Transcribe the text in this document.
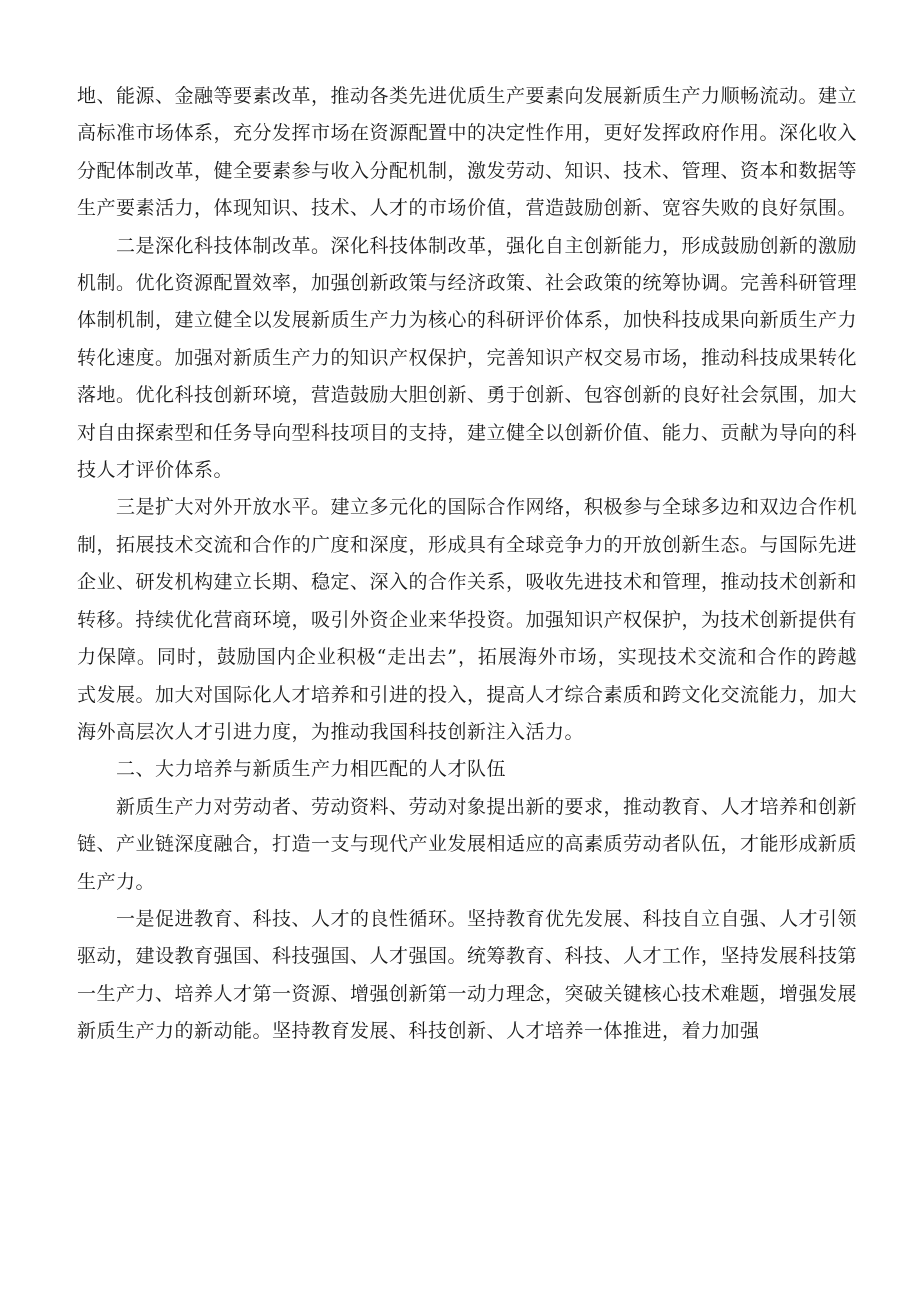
地、能源、金融等要素改革，推动各类先进优质生产要素向发展新质生产力顺畅流动。建立高标准市场体系，充分发挥市场在资源配置中的决定性作用，更好发挥政府作用。深化收入分配体制改革，健全要素参与收入分配机制，激发劳动、知识、技术、管理、资本和数据等生产要素活力，体现知识、技术、人才的市场价值，营造鼓励创新、宽容失败的良好氛围。

二是深化科技体制改革。深化科技体制改革，强化自主创新能力，形成鼓励创新的激励机制。优化资源配置效率，加强创新政策与经济政策、社会政策的统筹协调。完善科研管理体制机制，建立健全以发展新质生产力为核心的科研评价体系，加快科技成果向新质生产力转化速度。加强对新质生产力的知识产权保护，完善知识产权交易市场，推动科技成果转化落地。优化科技创新环境，营造鼓励大胆创新、勇于创新、包容创新的良好社会氛围，加大对自由探索型和任务导向型科技项目的支持，建立健全以创新价值、能力、贡献为导向的科技人才评价体系。

三是扩大对外开放水平。建立多元化的国际合作网络，积极参与全球多边和双边合作机制，拓展技术交流和合作的广度和深度，形成具有全球竞争力的开放创新生态。与国际先进企业、研发机构建立长期、稳定、深入的合作关系，吸收先进技术和管理，推动技术创新和转移。持续优化营商环境，吸引外资企业来华投资。加强知识产权保护，为技术创新提供有力保障。同时，鼓励国内企业积极“走出去”，拓展海外市场，实现技术交流和合作的跨越式发展。加大对国际化人才培养和引进的投入，提高人才综合素质和跨文化交流能力，加大海外高层次人才引进力度，为推动我国科技创新注入活力。

二、大力培养与新质生产力相匹配的人才队伍

新质生产力对劳动者、劳动资料、劳动对象提出新的要求，推动教育、人才培养和创新链、产业链深度融合，打造一支与现代产业发展相适应的高素质劳动者队伍，才能形成新质生产力。

一是促进教育、科技、人才的良性循环。坚持教育优先发展、科技自立自强、人才引领驱动，建设教育强国、科技强国、人才强国。统筹教育、科技、人才工作，坚持发展科技第一生产力、培养人才第一资源、增强创新第一动力理念，突破关键核心技术难题，增强发展新质生产力的新动能。坚持教育发展、科技创新、人才培养一体推进，着力加强
